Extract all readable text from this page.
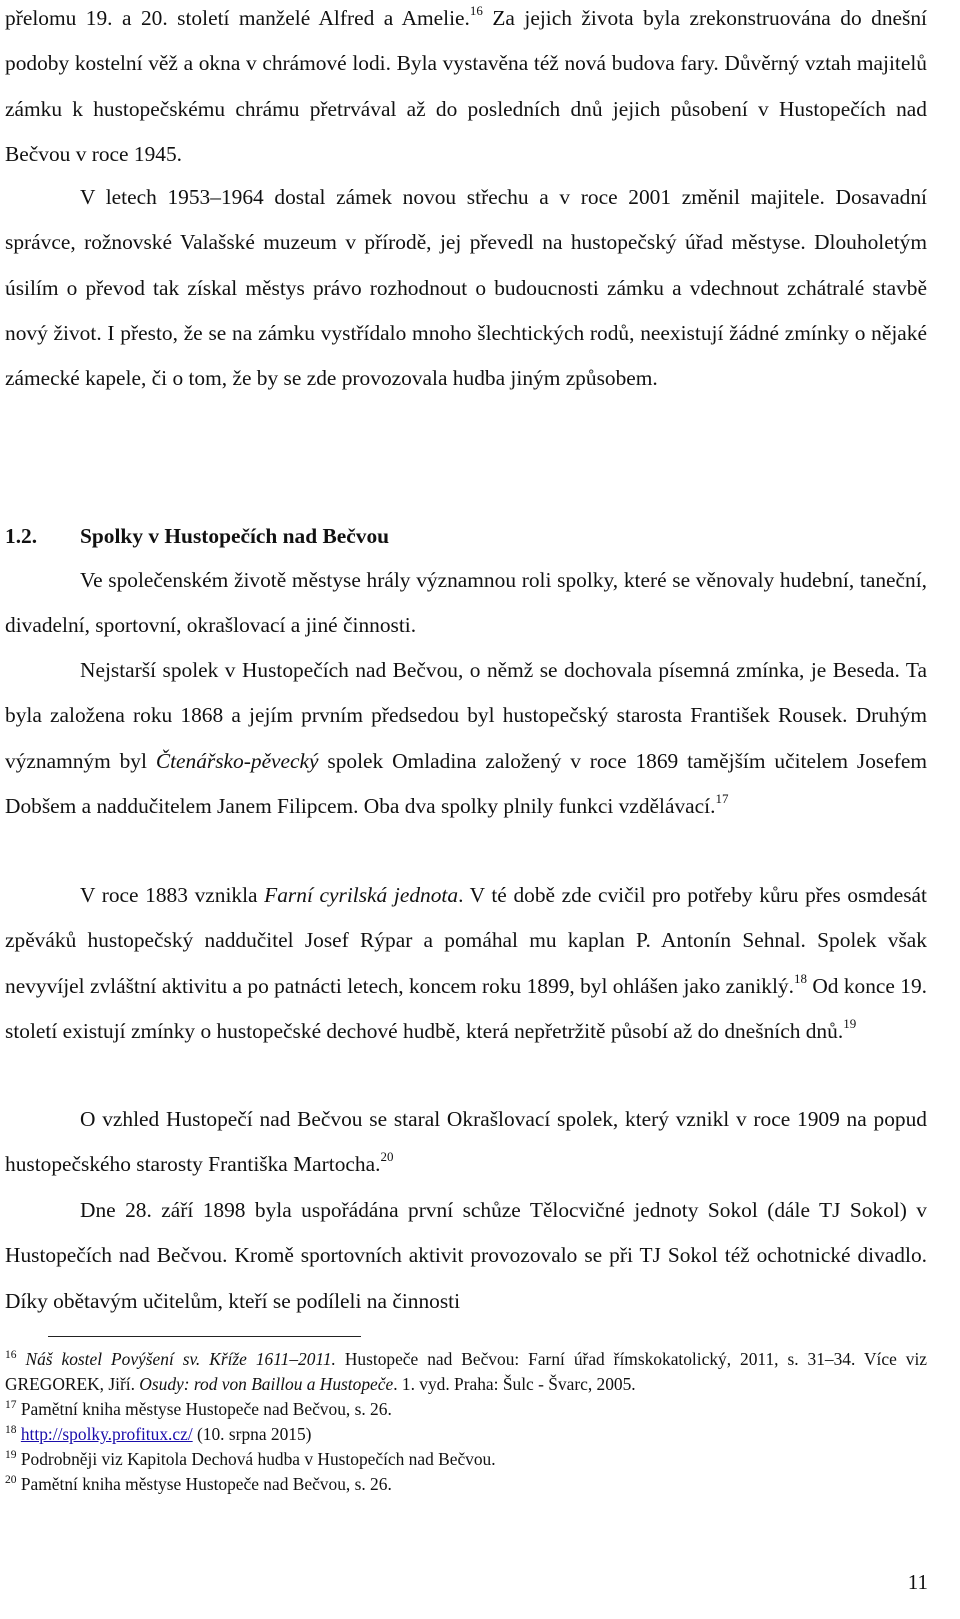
přelomu 19. a 20. století manželé Alfred a Amelie.$^{16}$ Za jejich života byla zrekonstruována do dnešní podoby kostelní věž a okna v chrámové lodi. Byla vystavěna též nová budova fary. Důvěrný vztah majitelů zámku k hustopečskému chrámu přetrvával až do posledních dnů jejich působení v Hustopečích nad Bečvou v roce 1945.

V letech 1953–1964 dostal zámek novou střechu a v roce 2001 změnil majitele. Dosavadní správce, rožnovské Valašské muzeum v přírodě, jej převedl na hustopečský úřad městyse. Dlouholetým úsilím o převod tak získal městys právo rozhodnout o budoucnosti zámku a vdechnout zchátralé stavbě nový život. I přesto, že se na zámku vystřídalo mnoho šlechtických rodů, neexistují žádné zmínky o nějaké zámecké kapele, či o tom, že by se zde provozovala hudba jiným způsobem.

1.2. Spolky v Hustopečích nad Bečvou

Ve společenském životě městyse hrály významnou roli spolky, které se věnovaly hudební, taneční, divadelní, sportovní, okrašlovací a jiné činnosti.

Nejstarší spolek v Hustopečích nad Bečvou, o němž se dochovala písemná zmínka, je Beseda. Ta byla založena roku 1868 a jejím prvním předsedou byl hustopečský starosta František Rousek. Druhým významným byl Čtenářsko-pěvecký spolek Omladina založený v roce 1869 tamějším učitelem Josefem Dobšem a naddučitelem Janem Filipcem. Oba dva spolky plnily funkci vzdělávací.$^{17}$

V roce 1883 vznikla Farní cyrilská jednota. V té době zde cvičil pro potřeby kůru přes osmdesát zpěváků hustopečský naddučitel Josef Rýpar a pomáhal mu kaplan P. Antonín Sehnal. Spolek však nevyvíjel zvláštní aktivitu a po patnácti letech, koncem roku 1899, byl ohlášen jako zaniklý.$^{18}$ Od konce 19. století existují zmínky o hustopečské dechové hudbě, která nepřetržitě působí až do dnešních dnů.$^{19}$

O vzhled Hustopečí nad Bečvou se staral Okrašlovací spolek, který vznikl v roce 1909 na popud hustopečského starosty Františka Martocha.$^{20}$

Dne 28. září 1898 byla uspořádána první schůze Tělocvičné jednoty Sokol (dále TJ Sokol) v Hustopečích nad Bečvou. Kromě sportovních aktivit provozovalo se při TJ Sokol též ochotnické divadlo. Díky obětavým učitelům, kteří se podíleli na činnosti

$^{16}$ Náš kostel Povýšení sv. Kříže 1611–2011. Hustopeče nad Bečvou: Farní úřad římskokatolický, 2011, s. 31–34. Více viz GREGOREK, Jiří. Osudy: rod von Baillou a Hustopeče. 1. vyd. Praha: Šulc - Švarc, 2005.

$^{17}$ Pamětní kniha městyse Hustopeče nad Bečvou, s. 26.

$^{18}$ http://spolky.profitux.cz/ (10. srpna 2015)

$^{19}$ Podrobněji viz Kapitola Dechová hudba v Hustopečích nad Bečvou.

$^{20}$ Pamětní kniha městyse Hustopeče nad Bečvou, s. 26.

11
